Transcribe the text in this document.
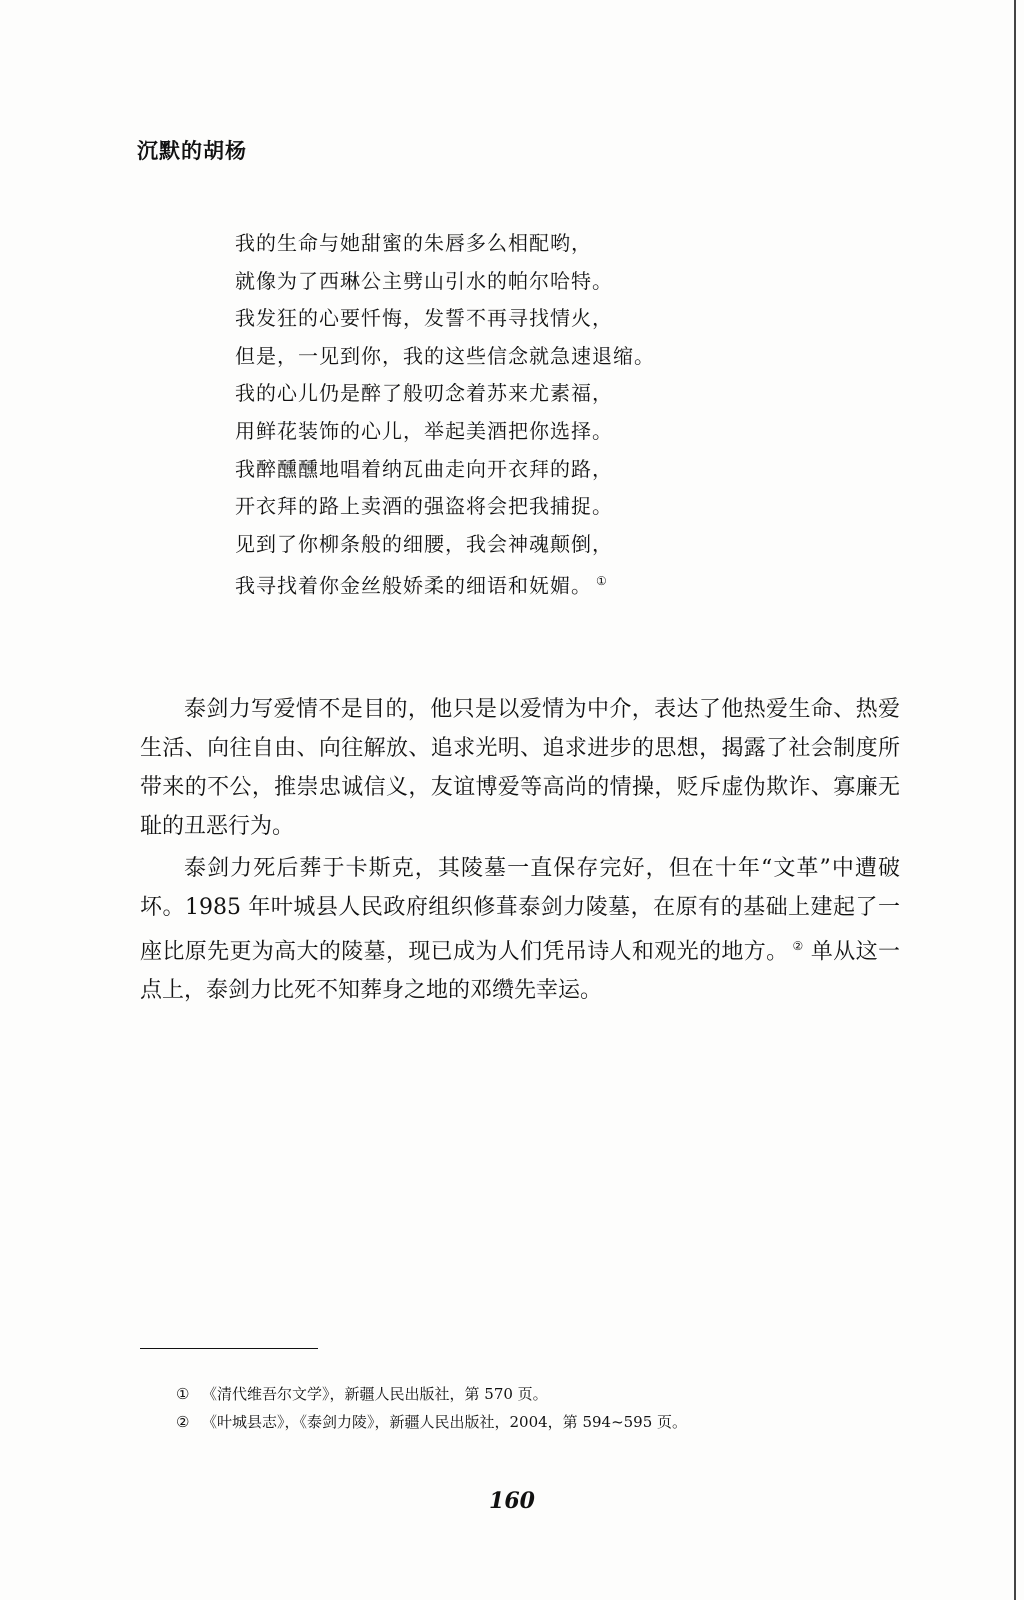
沉默的胡杨
我的生命与她甜蜜的朱唇多么相配哟，
就像为了西琳公主劈山引水的帕尔哈特。
我发狂的心要忏悔，发誓不再寻找情火，
但是，一见到你，我的这些信念就急速退缩。
我的心儿仍是醉了般叨念着苏来尤素福，
用鲜花装饰的心儿，举起美酒把你选择。
我醉醺醺地唱着纳瓦曲走向开衣拜的路，
开衣拜的路上卖酒的强盗将会把我捕捉。
见到了你柳条般的细腰，我会神魂颠倒，
我寻找着你金丝般娇柔的细语和妩媚。 ①

泰剑力写爱情不是目的，他只是以爱情为中介，表达了他热爱生命、热爱生活、向往自由、向往解放、追求光明、追求进步的思想，揭露了社会制度所带来的不公，推崇忠诚信义，友谊博爱等高尚的情操，贬斥虚伪欺诈、寡廉无耻的丑恶行为。

泰剑力死后葬于卡斯克，其陵墓一直保存完好，但在十年“文革”中遭破坏。1985 年叶城县人民政府组织修葺泰剑力陵墓，在原有的基础上建起了一座比原先更为高大的陵墓，现已成为人们凭吊诗人和观光的地方。 ② 单从这一点上，泰剑力比死不知葬身之地的邓缵先幸运。

① 《清代维吾尔文学》，新疆人民出版社，第 570 页。
② 《叶城县志》，《泰剑力陵》，新疆人民出版社，2004，第 594~595 页。
160
